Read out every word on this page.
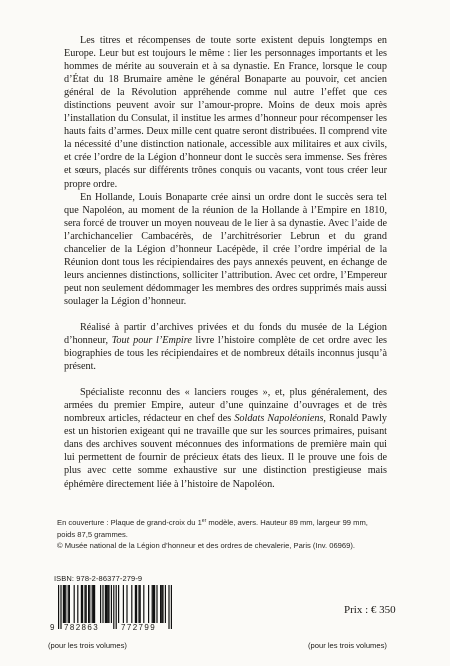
Les titres et récompenses de toute sorte existent depuis longtemps en Europe. Leur but est toujours le même : lier les personnages importants et les hommes de mérite au souverain et à sa dynastie. En France, lorsque le coup d’État du 18 Brumaire amène le général Bonaparte au pouvoir, cet ancien général de la Révolution appréhende comme nul autre l’effet que ces distinctions peuvent avoir sur l’amour-propre. Moins de deux mois après l’installation du Consulat, il institue les armes d’honneur pour récompenser les hauts faits d’armes. Deux mille cent quatre seront distribuées. Il comprend vite la nécessité d’une distinction nationale, accessible aux militaires et aux civils, et crée l’ordre de la Légion d’honneur dont le succès sera immense. Ses frères et sœurs, placés sur différents trônes conquis ou vacants, vont tous créer leur propre ordre.

En Hollande, Louis Bonaparte crée ainsi un ordre dont le succès sera tel que Napoléon, au moment de la réunion de la Hollande à l’Empire en 1810, sera forcé de trouver un moyen nouveau de le lier à sa dynastie. Avec l’aide de l’archichancelier Cambacérès, de l’architrésorier Lebrun et du grand chancelier de la Légion d’honneur Lacépède, il crée l’ordre impérial de la Réunion dont tous les récipiendaires des pays annexés peuvent, en échange de leurs anciennes distinctions, solliciter l’attribution. Avec cet ordre, l’Empereur peut non seulement dédommager les membres des ordres supprimés mais aussi soulager la Légion d’honneur.

Réalisé à partir d’archives privées et du fonds du musée de la Légion d’honneur, Tout pour l’Empire livre l’histoire complète de cet ordre avec les biographies de tous les récipiendaires et de nombreux détails inconnus jusqu’à présent.

Spécialiste reconnu des « lanciers rouges », et, plus généralement, des armées du premier Empire, auteur d’une quinzaine d’ouvrages et de très nombreux articles, rédacteur en chef des Soldats Napoléoniens, Ronald Pawly est un historien exigeant qui ne travaille que sur les sources primaires, puisant dans des archives souvent méconnues des informations de première main qui lui permettent de fournir de précieux états des lieux. Il le prouve une fois de plus avec cette somme exhaustive sur une distinction prestigieuse mais éphémère directement liée à l’histoire de Napoléon.

En couverture : Plaque de grand-croix du 1er modèle, avers. Hauteur 89 mm, largeur 99 mm,

poids 87,5 grammes.

© Musée national de la Légion d’honneur et des ordres de chevalerie, Paris (Inv. 06969).

ISBN: 978-2-86377-279-9
9 782863	772799
(pour les trois volumes)
Prix : € 350
(pour les trois volumes)
